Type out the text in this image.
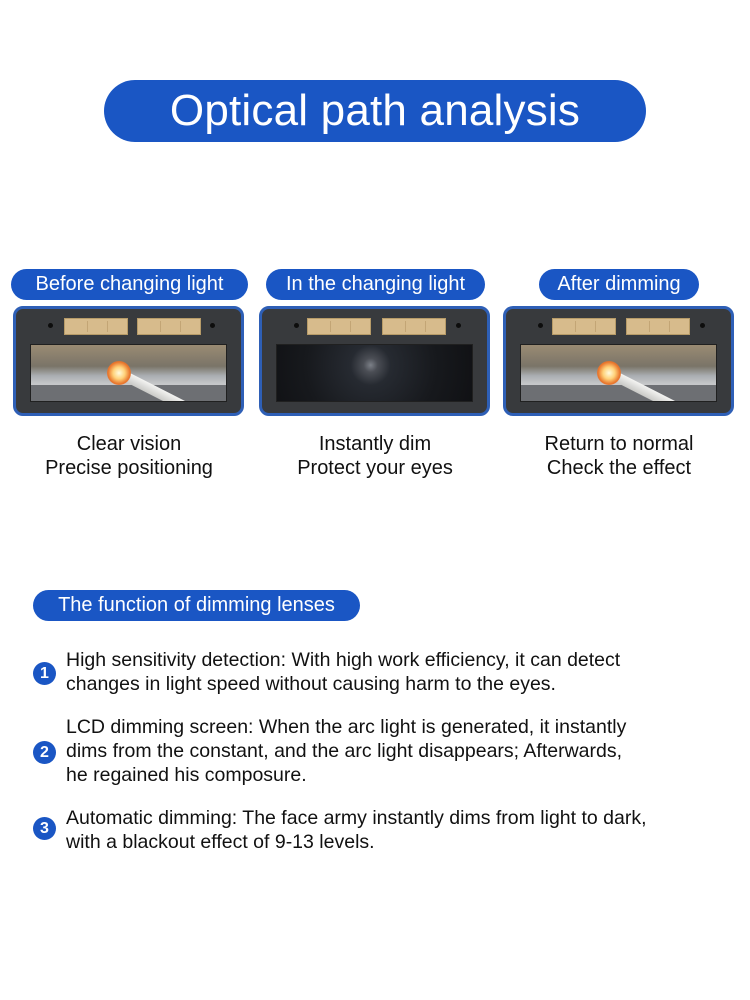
Optical path analysis
Before changing light
Clear vision
Precise positioning
In the changing light
Instantly dim
Protect your eyes
After dimming
Return to normal
Check the effect
The function of dimming lenses
1
High sensitivity detection: With high work efficiency, it can detect
changes in light speed without causing harm to the eyes.
2
LCD dimming screen: When the arc light is generated, it instantly
dims from the constant, and the arc light disappears; Afterwards,
he regained his composure.
3 Automatic dimming: The face army instantly dims from light to dark,
with a blackout effect of 9-13 levels.
